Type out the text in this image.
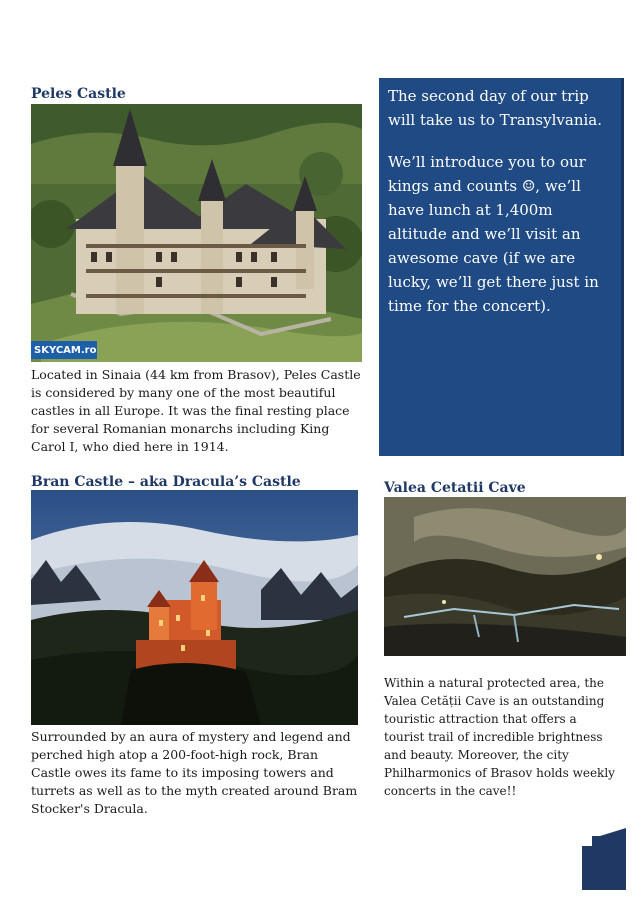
Peles Castle
SKYCAM.ro
Located in Sinaia (44 km from Brasov), Peles Castle
is considered by many one of the most beautiful
castles in all Europe. It was the final resting place
for several Romanian monarchs including King
Carol I, who died here in 1914.

The second day of our trip will take us to Transylvania.

We’ll introduce you to our kings and counts ☺, we’ll have lunch at 1,400m altitude and we’ll visit an awesome cave (if we are lucky, we’ll get there just in time for the concert).

Bran Castle – aka Dracula’s Castle
Surrounded by an aura of mystery and legend and
perched high atop a 200-foot-high rock, Bran
Castle owes its fame to its imposing towers and
turrets as well as to the myth created around Bram
Stocker's Dracula.
Valea Cetatii Cave
Within a natural protected area, the
Valea Cetății Cave is an outstanding
touristic attraction that offers a
tourist trail of incredible brightness
and beauty. Moreover, the city
Philharmonics of Brasov holds weekly
concerts in the cave!!
